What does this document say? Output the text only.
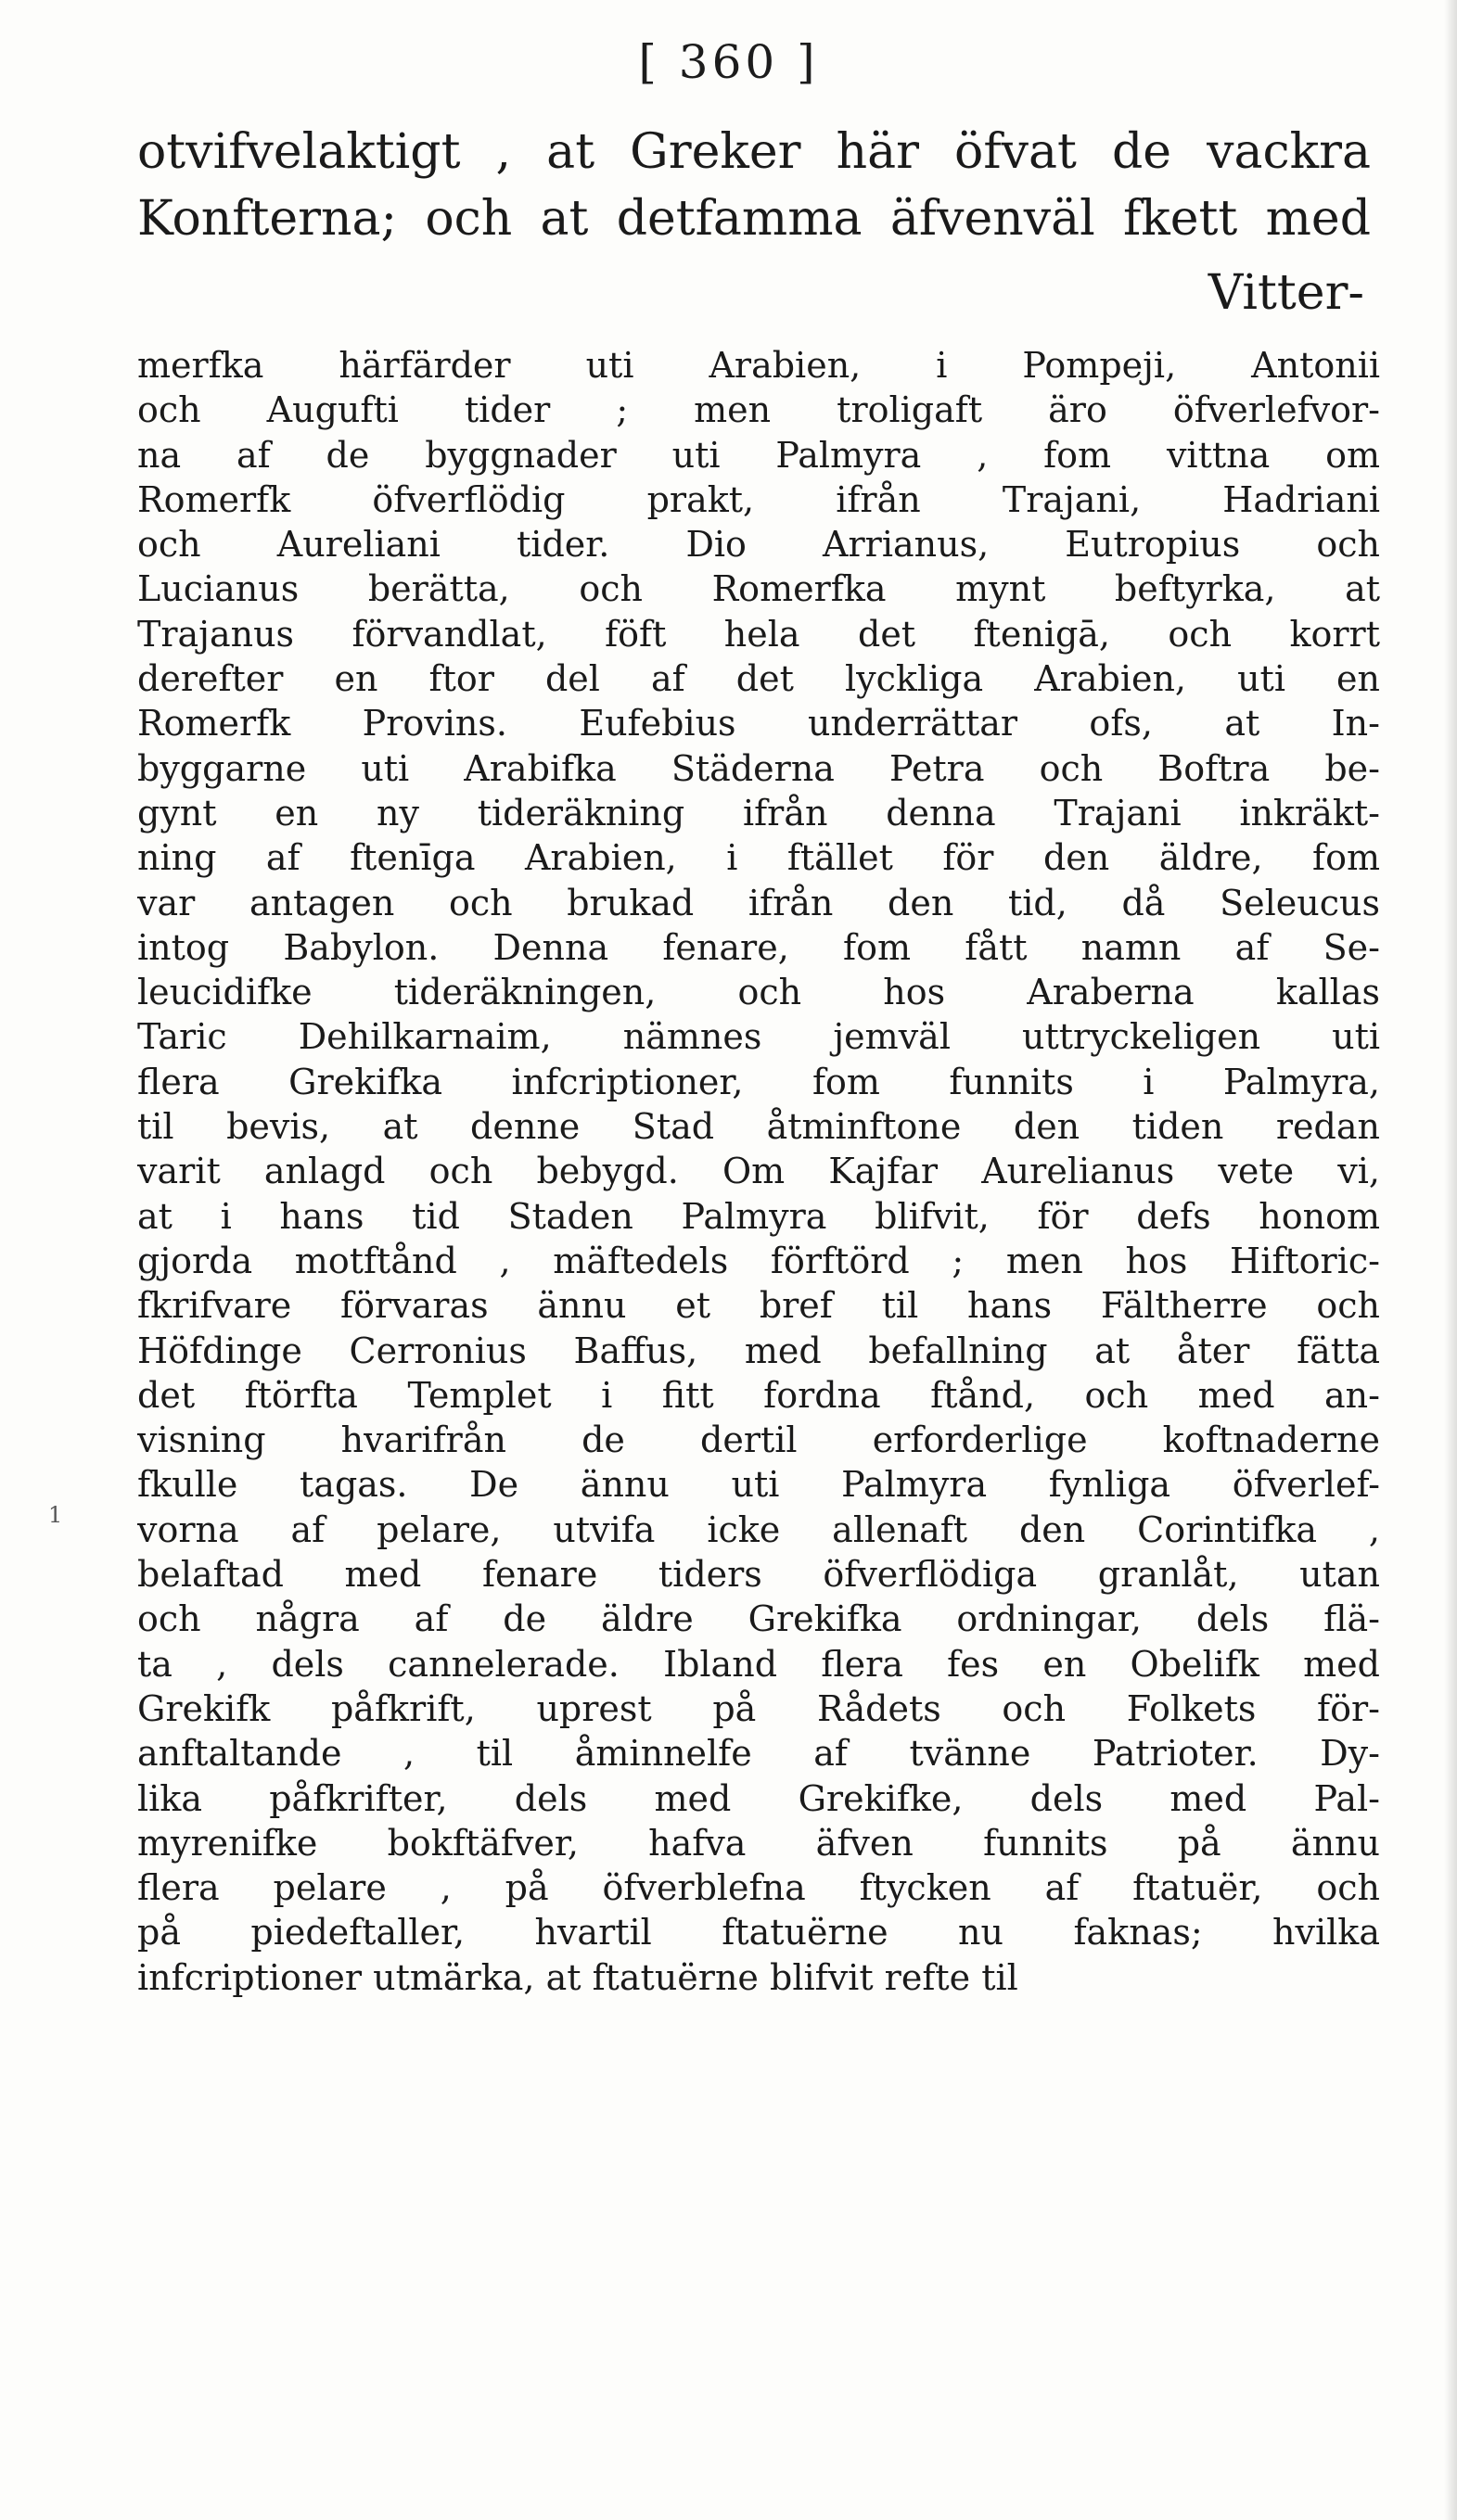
[ 360 ]
otvifvelaktigt , at Greker här öfvat de vackra
Konfterna; och at detfamma äfvenväl fkett med
Vitter-
merfka härfärder uti Arabien, i Pompeji, Antonii
och Augufti tider ; men troligaft äro öfverlefvor-
na af de byggnader uti Palmyra , fom vittna om
Romerfk öfverflödig prakt, ifrån Trajani, Hadriani
och Aureliani tider. Dio Arrianus, Eutropius och
Lucianus berätta, och Romerfka mynt beftyrka, at
Trajanus förvandlat, föft hela det ftenigā, och korrt
derefter en ftor del af det lyckliga Arabien, uti en
Romerfk Provins. Eufebius underrättar ofs, at In-
byggarne uti Arabifka Städerna Petra och Boftra be-
gynt en ny tideräkning ifrån denna Trajani inkräkt-
ning af ftenīga Arabien, i ftället för den äldre, fom
var antagen och brukad ifrån den tid, då Seleucus
intog Babylon. Denna fenare, fom fått namn af Se-
leucidifke tideräkningen, och hos Araberna kallas
Taric Dehilkarnaim, nämnes jemväl uttryckeligen uti
flera Grekifka infcriptioner, fom funnits i Palmyra,
til bevis, at denne Stad åtminftone den tiden redan
varit anlagd och bebygd. Om Kajfar Aurelianus vete vi,
at i hans tid Staden Palmyra blifvit, för defs honom
gjorda motftånd , mäftedels förftörd ; men hos Hiftoric-
fkrifvare förvaras ännu et bref til hans Fältherre och
Höfdinge Cerronius Baffus, med befallning at åter fätta
det ftörfta Templet i fitt fordna ftånd, och med an-
visning hvarifrån de dertil erforderlige koftnaderne
fkulle tagas. De ännu uti Palmyra fynliga öfverlef-
vorna af pelare, utvifa icke allenaft den Corintifka ,
belaftad med fenare tiders öfverflödiga granlåt, utan
och några af de äldre Grekifka ordningar, dels flä-
ta , dels cannelerade. Ibland flera fes en Obelifk med
Grekifk påfkrift, uprest på Rådets och Folkets för-
anftaltande , til åminnelfe af tvänne Patrioter. Dy-
lika påfkrifter, dels med Grekifke, dels med Pal-
myrenifke bokftäfver, hafva äfven funnits på ännu
flera pelare , på öfverblefna ftycken af ftatuër, och
på piedeftaller, hvartil ftatuërne nu faknas; hvilka
infcriptioner utmärka, at ftatuërne blifvit refte til
1
